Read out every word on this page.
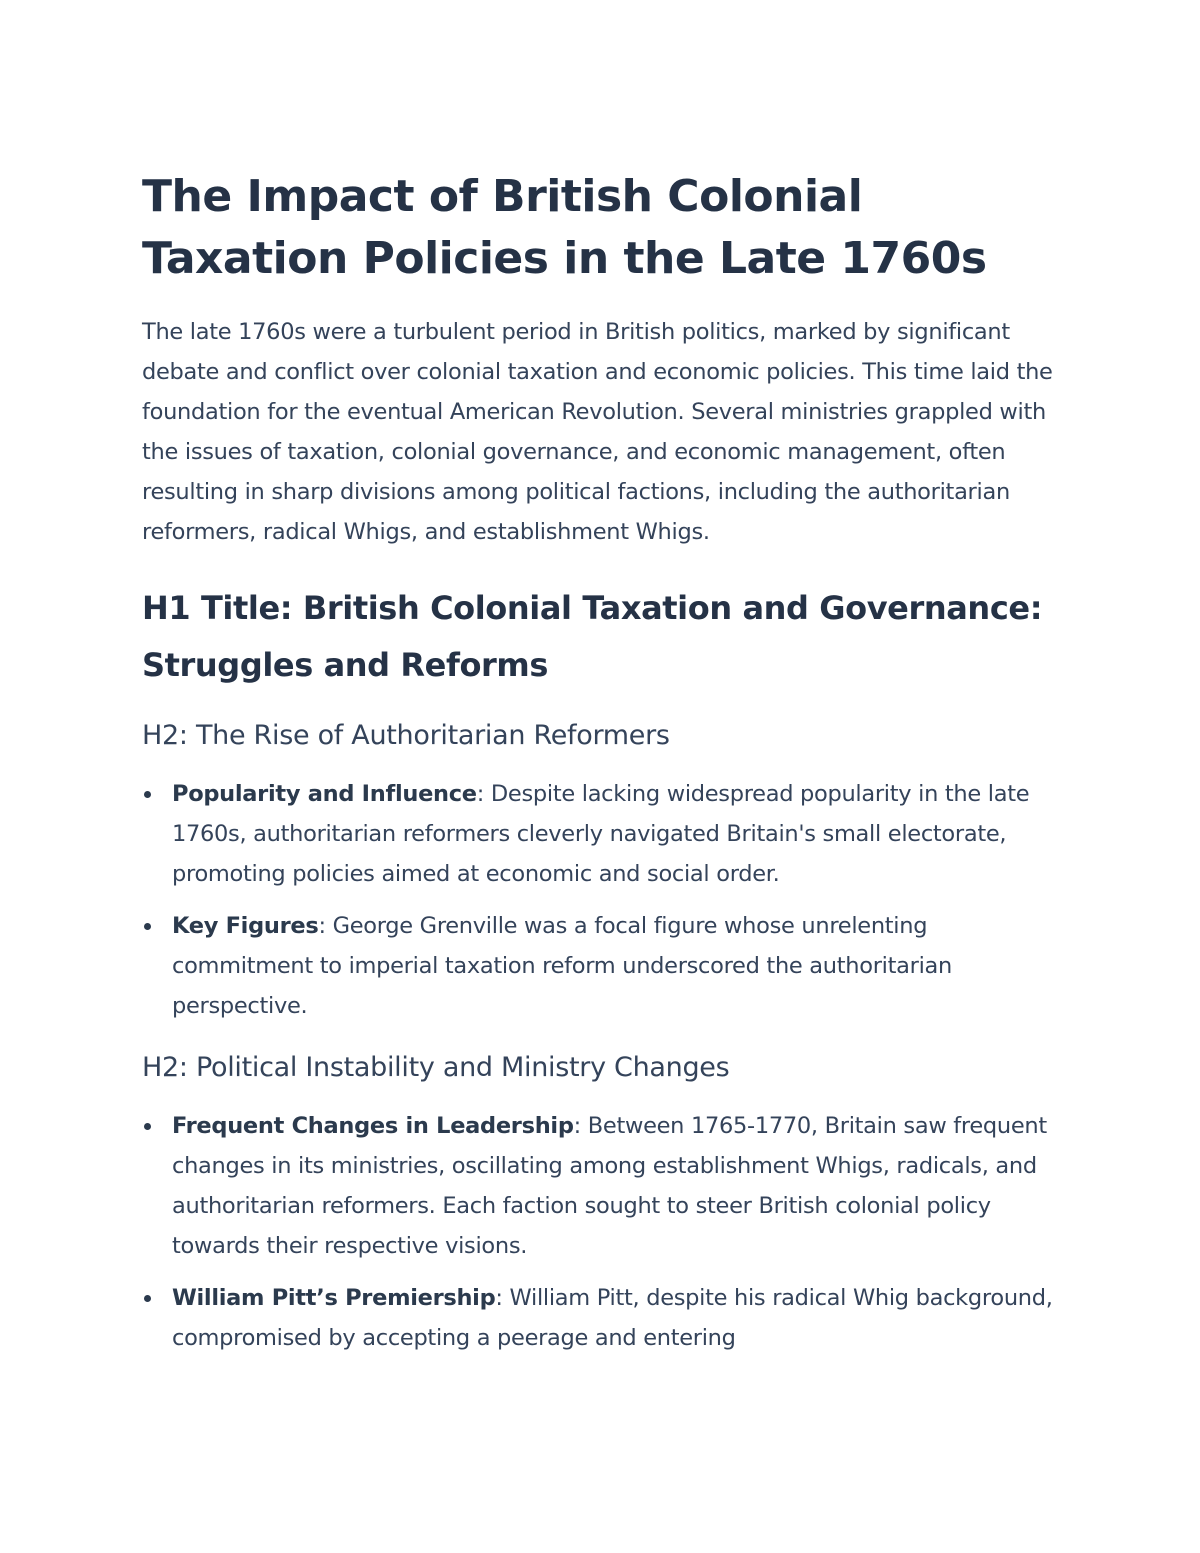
The Impact of British Colonial Taxation Policies in the Late 1760s

The late 1760s were a turbulent period in British politics, marked by significant debate and conflict over colonial taxation and economic policies. This time laid the foundation for the eventual American Revolution. Several ministries grappled with the issues of taxation, colonial governance, and economic management, often resulting in sharp divisions among political factions, including the authoritarian reformers, radical Whigs, and establishment Whigs.

H1 Title: British Colonial Taxation and Governance: Struggles and Reforms
H2: The Rise of Authoritarian Reformers
Popularity and Influence: Despite lacking widespread popularity in the late 1760s, authoritarian reformers cleverly navigated Britain's small electorate, promoting policies aimed at economic and social order.
Key Figures: George Grenville was a focal figure whose unrelenting commitment to imperial taxation reform underscored the authoritarian perspective.
H2: Political Instability and Ministry Changes
Frequent Changes in Leadership: Between 1765-1770, Britain saw frequent changes in its ministries, oscillating among establishment Whigs, radicals, and authoritarian reformers. Each faction sought to steer British colonial policy towards their respective visions.
William Pitt’s Premiership: William Pitt, despite his radical Whig background, compromised by accepting a peerage and entering
